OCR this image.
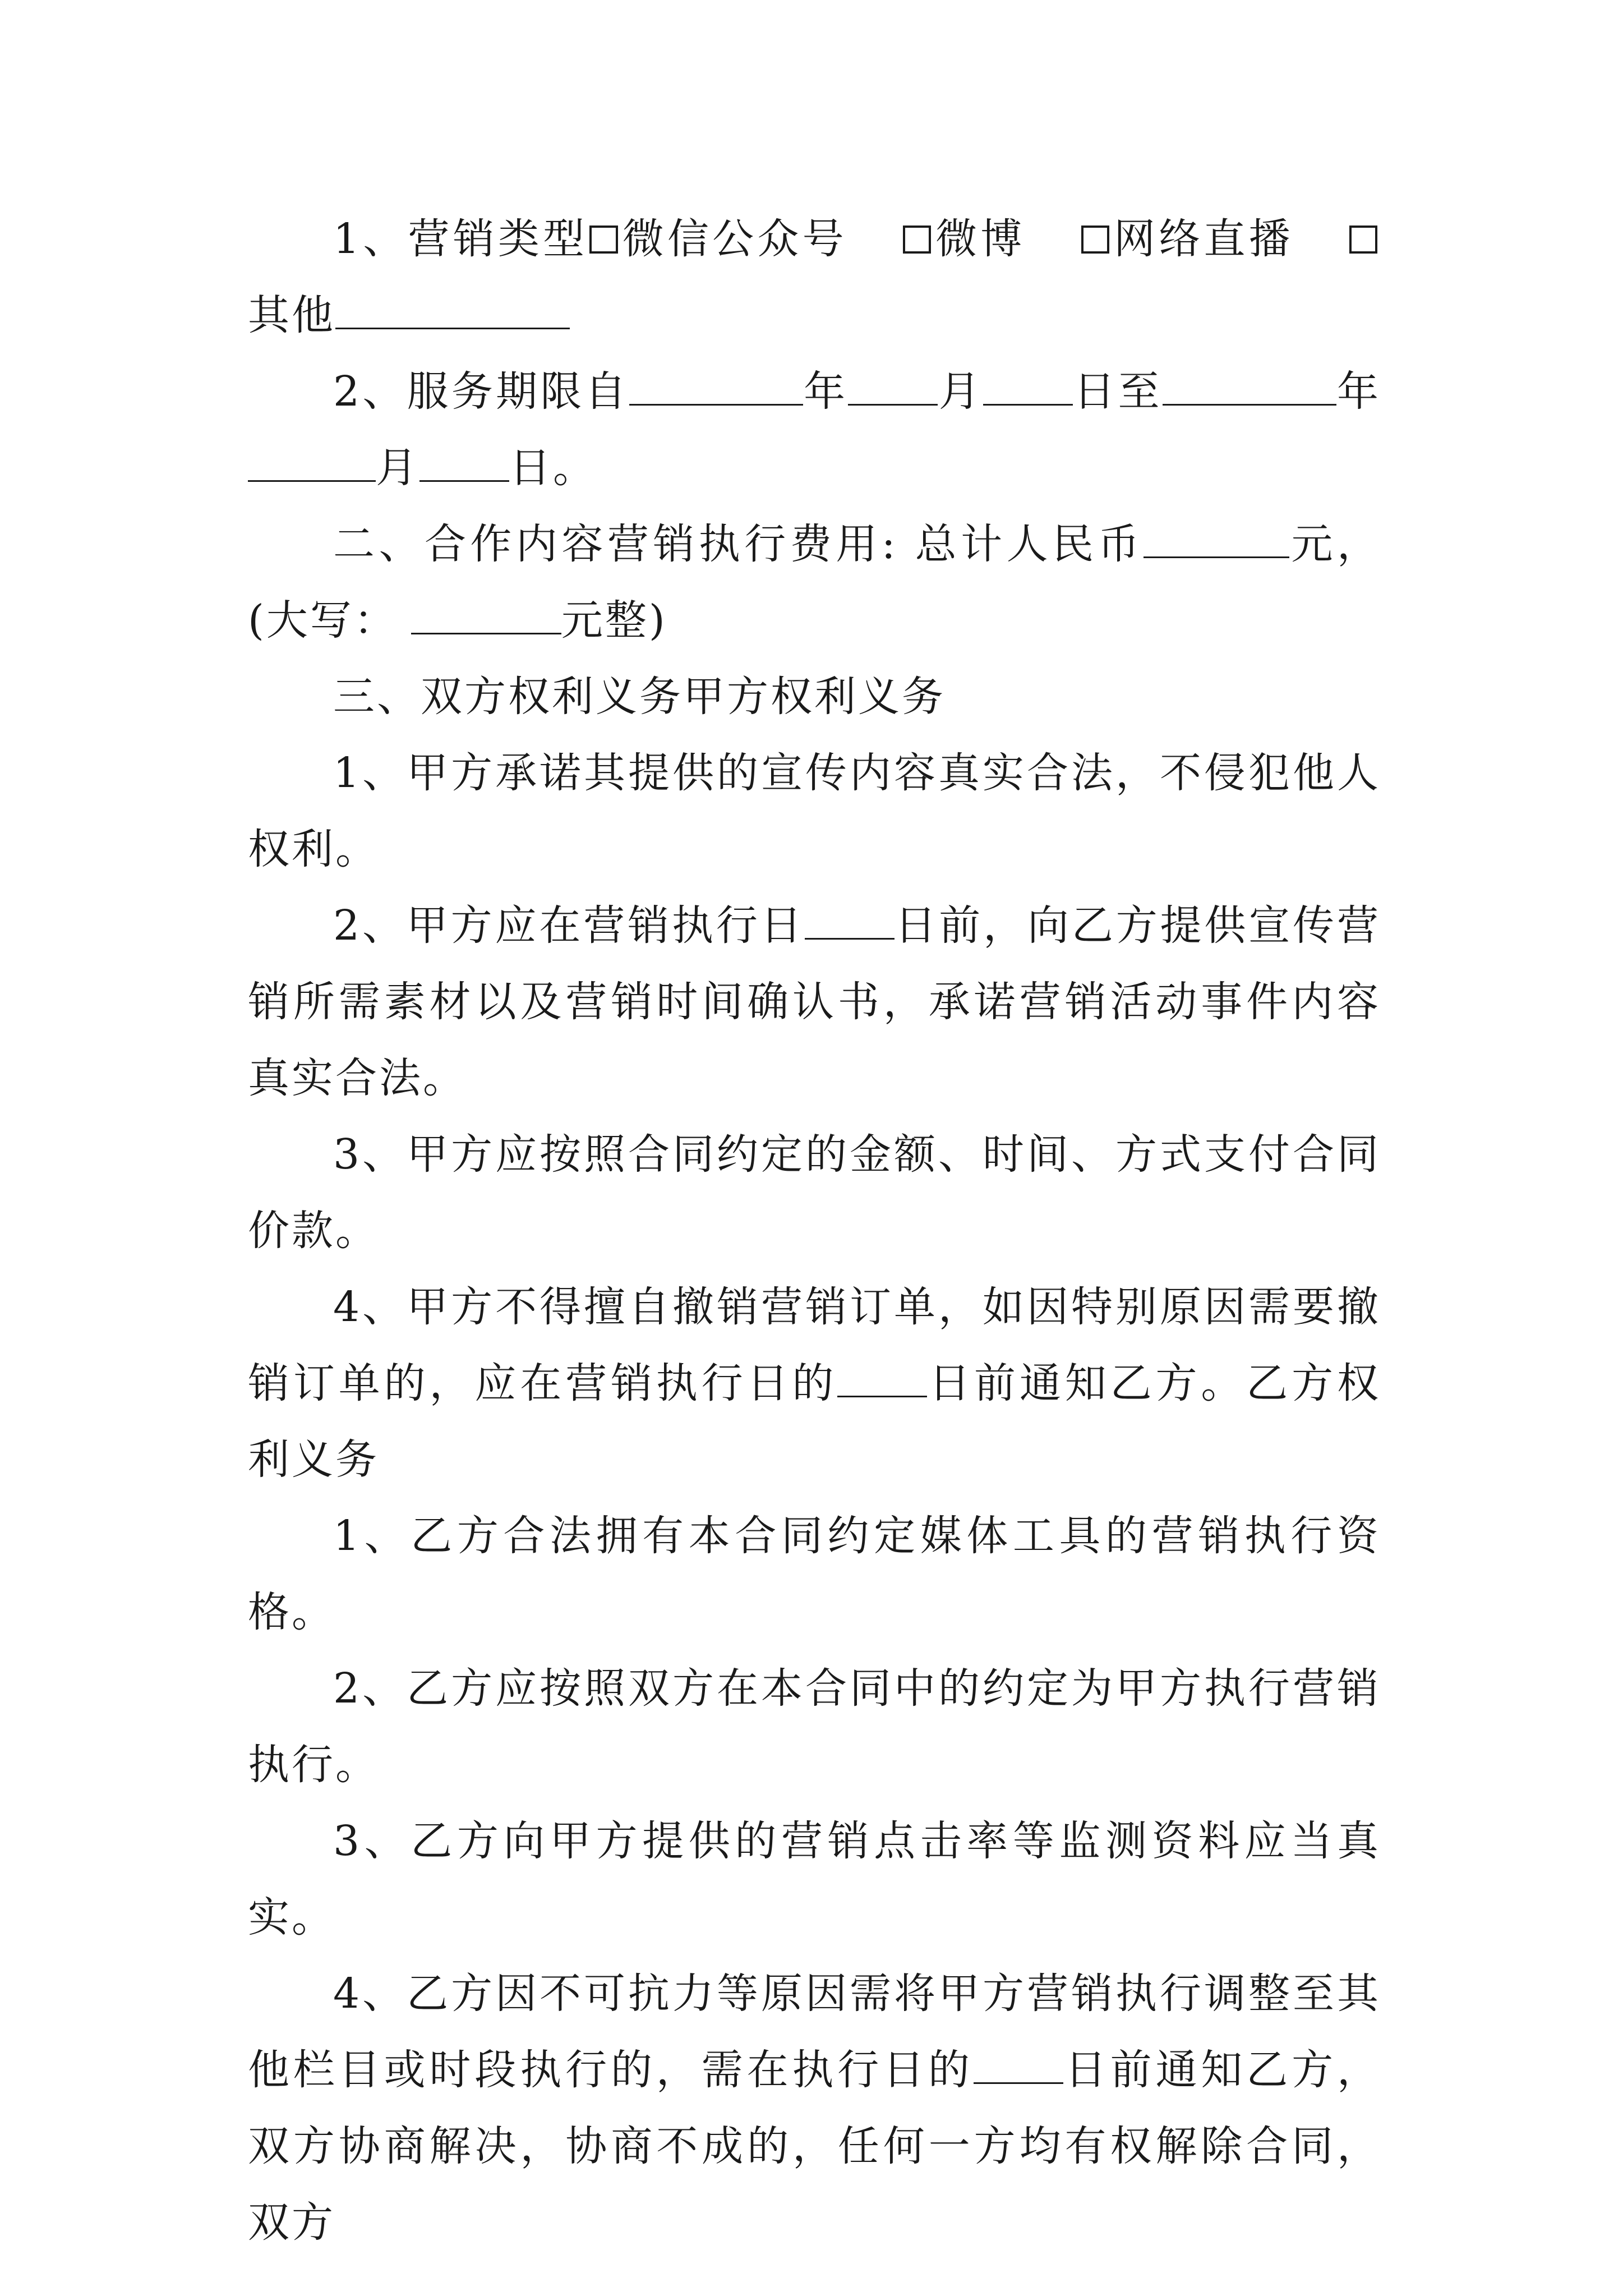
1、营销类型 微信公众号 微博 网络直播其他

2、服务期限自	年 月 日至	年月 日。

二、合作内容营销执行费用: 总计人民币	元，(大写：	元整)

三、双方权利义务甲方权利义务

1、甲方承诺其提供的宣传内容真实合法，不侵犯他人权利。

2、甲方应在营销执行日 日前，向乙方提供宣传营销所需素材以及营销时间确认书，承诺营销活动事件内容真实合法。

3、甲方应按照合同约定的金额、时间、方式支付合同价款。

4、甲方不得擅自撤销营销订单，如因特别原因需要撤销订单的，应在营销执行日的 日前通知乙方。乙方权利义务

1、乙方合法拥有本合同约定媒体工具的营销执行资格。

2、乙方应按照双方在本合同中的约定为甲方执行营销执行。

3、乙方向甲方提供的营销点击率等监测资料应当真实。

4、乙方因不可抗力等原因需将甲方营销执行调整至其他栏目或时段执行的，需在执行日的 日前通知乙方，双方协商解决，协商不成的，任何一方均有权解除合同，双方
